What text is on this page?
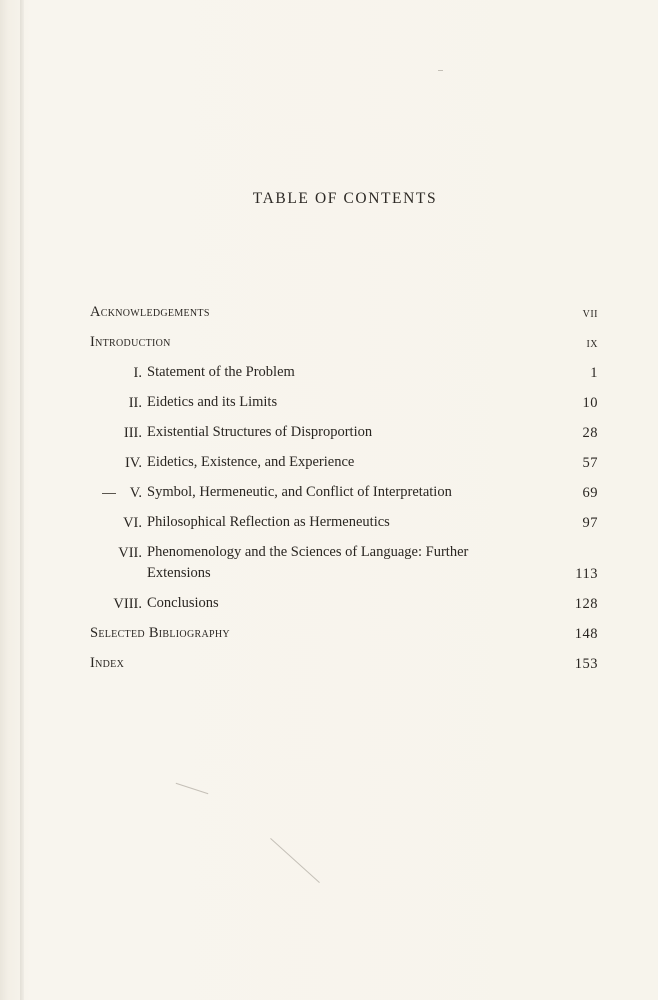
TABLE OF CONTENTS
Acknowledgements	vii
Introduction	ix
I. Statement of the Problem	1
II. Eidetics and its Limits	10
III. Existential Structures of Disproportion	28
IV. Eidetics, Existence, and Experience	57
V. Symbol, Hermeneutic, and Conflict of Interpretation	69
VI. Philosophical Reflection as Hermeneutics	97
VII. Phenomenology and the Sciences of Language: Further
Extensions	113
VIII. Conclusions	128
Selected Bibliography	148
Index	153
